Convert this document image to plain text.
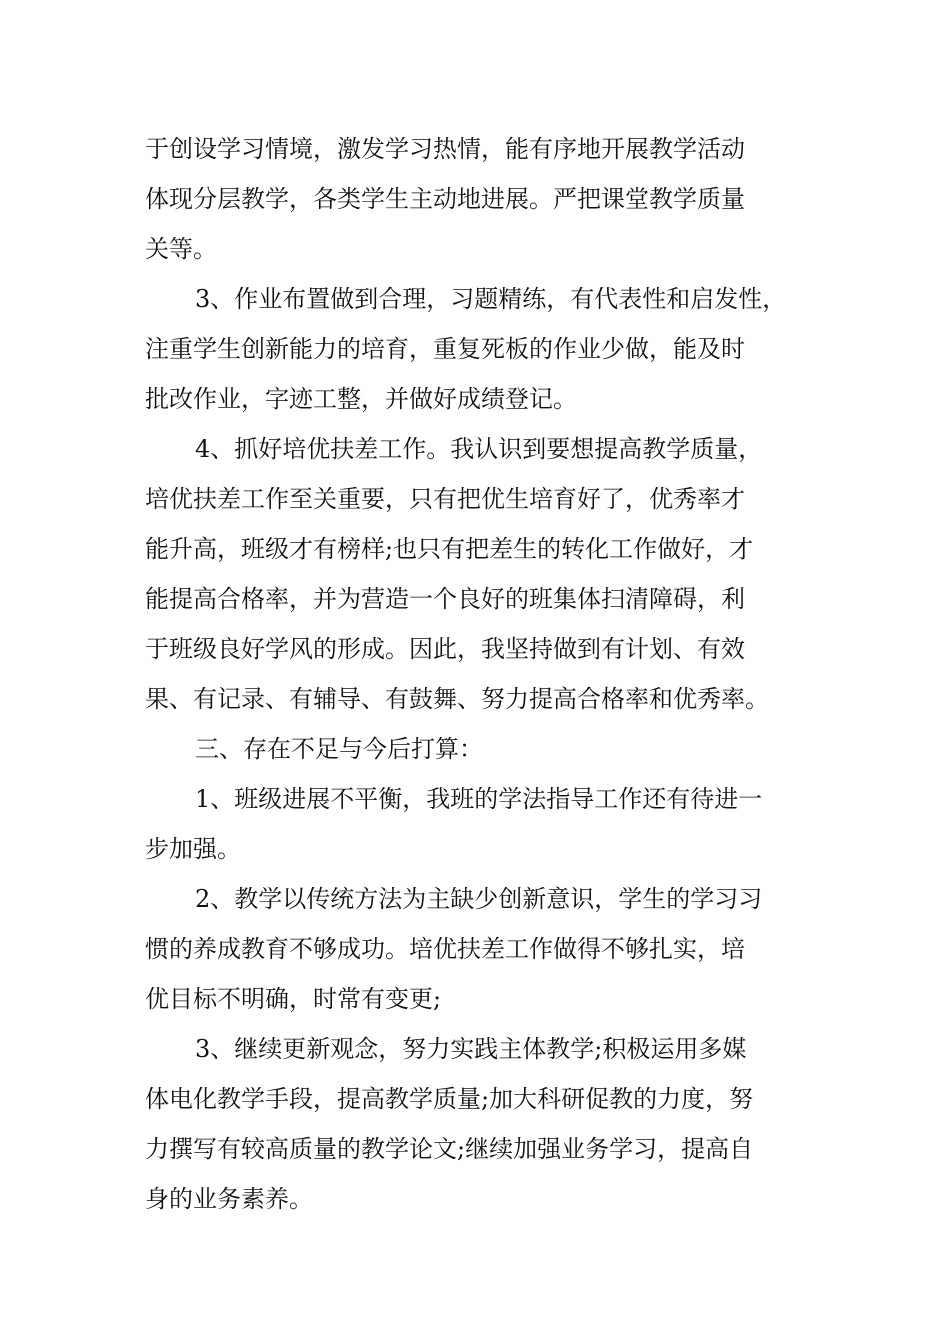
于创设学习情境，激发学习热情，能有序地开展教学活动
体现分层教学，各类学生主动地进展。严把课堂教学质量
关等。
3、作业布置做到合理，习题精练，有代表性和启发性，
注重学生创新能力的培育，重复死板的作业少做，能及时
批改作业，字迹工整，并做好成绩登记。
4、抓好培优扶差工作。我认识到要想提高教学质量，
培优扶差工作至关重要，只有把优生培育好了，优秀率才
能升高，班级才有榜样;也只有把差生的转化工作做好，才
能提高合格率，并为营造一个良好的班集体扫清障碍，利
于班级良好学风的形成。因此，我坚持做到有计划、有效
果、有记录、有辅导、有鼓舞、努力提高合格率和优秀率。
三、存在不足与今后打算：
1、班级进展不平衡，我班的学法指导工作还有待进一
步加强。
2、教学以传统方法为主缺少创新意识，学生的学习习
惯的养成教育不够成功。培优扶差工作做得不够扎实，培
优目标不明确，时常有变更;
3、继续更新观念，努力实践主体教学;积极运用多媒
体电化教学手段，提高教学质量;加大科研促教的力度，努
力撰写有较高质量的教学论文;继续加强业务学习，提高自
身的业务素养。
